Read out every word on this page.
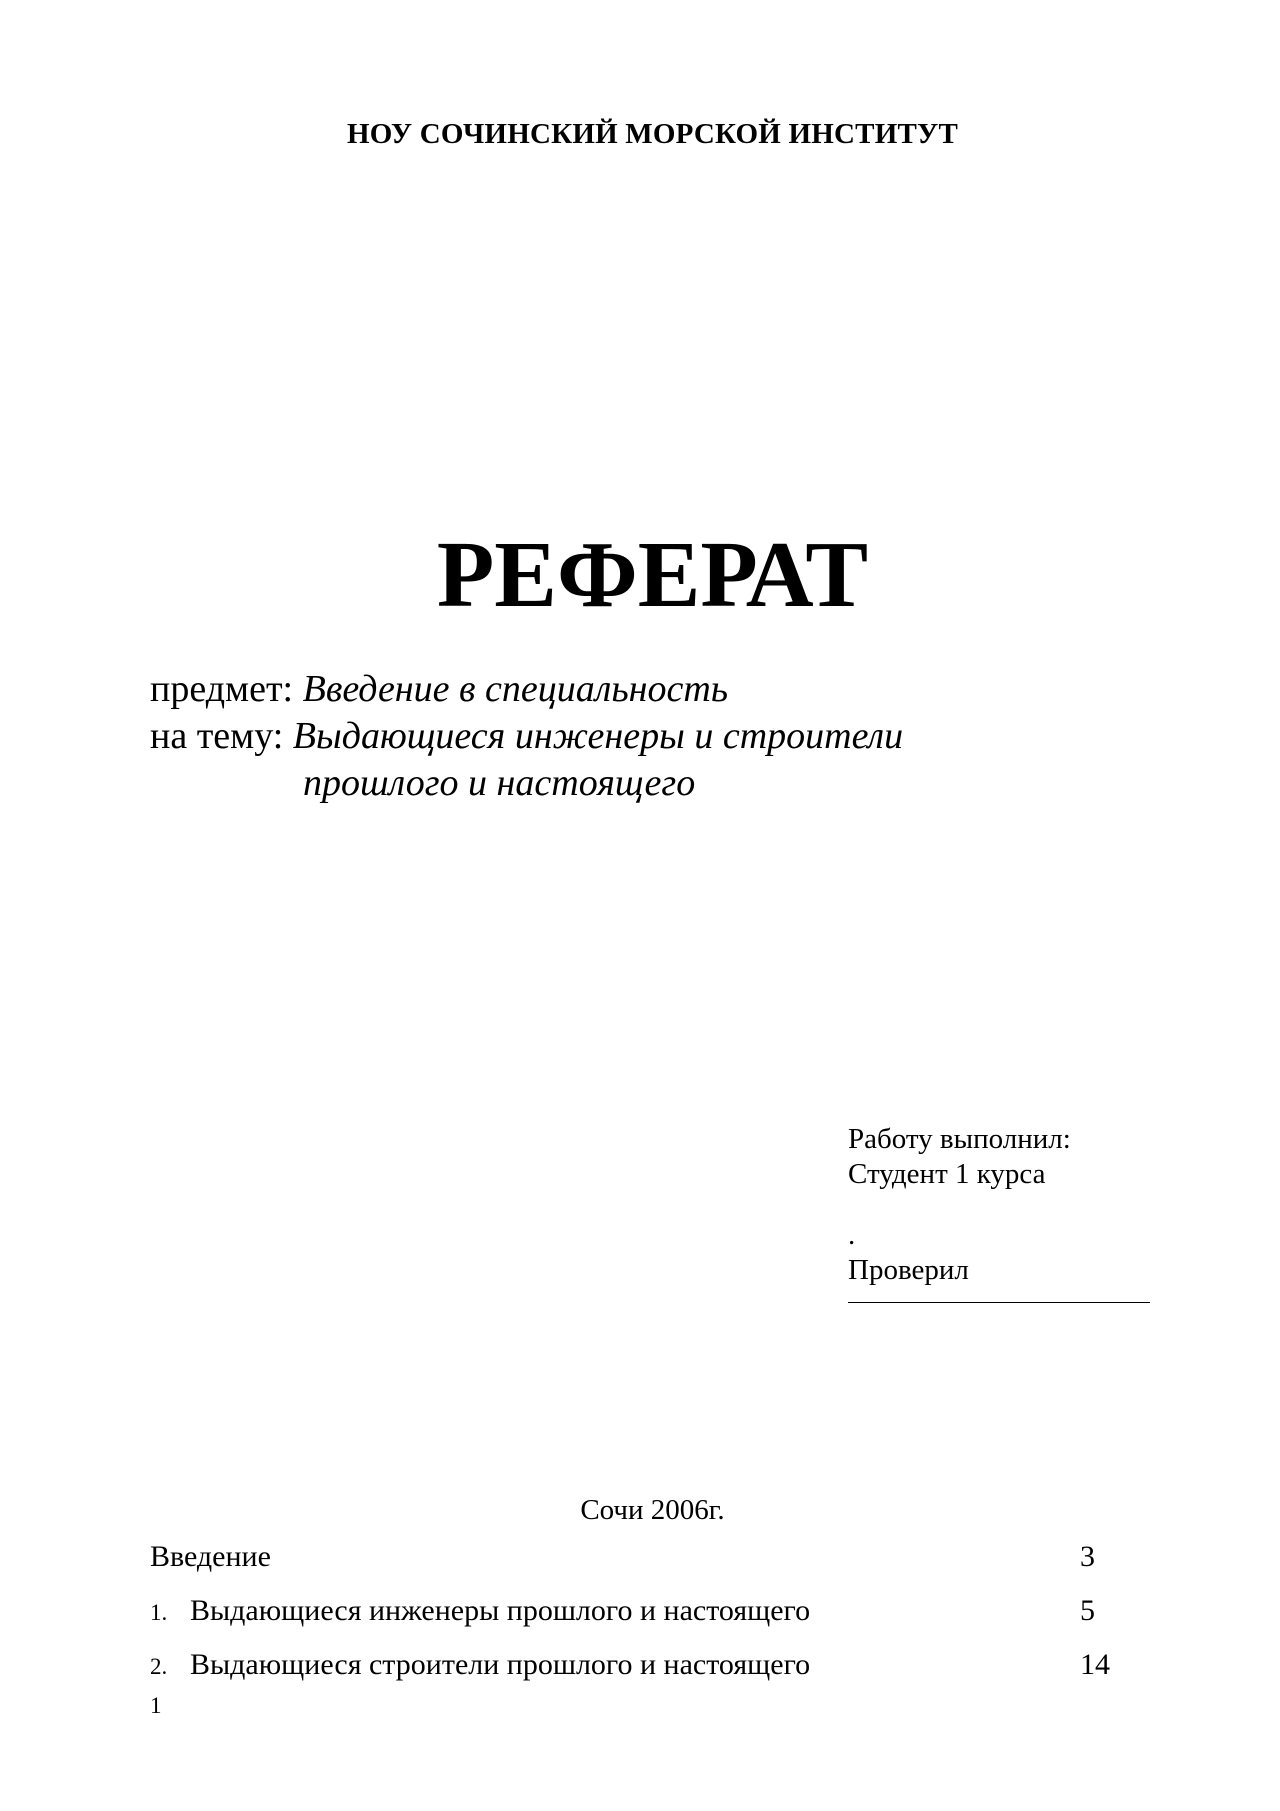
НОУ СОЧИНСКИЙ МОРСКОЙ ИНСТИТУТ
РЕФЕРАТ
предмет: Введение в специальность
на тему: Выдающиеся инженеры и строители
прошлого и настоящего
Работу выполнил:
Студент 1 курса
.
Проверил
Сочи 2006г.
Введение	3
1. Выдающиеся инженеры прошлого и настоящего	5
2. Выдающиеся строители прошлого и настоящего	14
1
